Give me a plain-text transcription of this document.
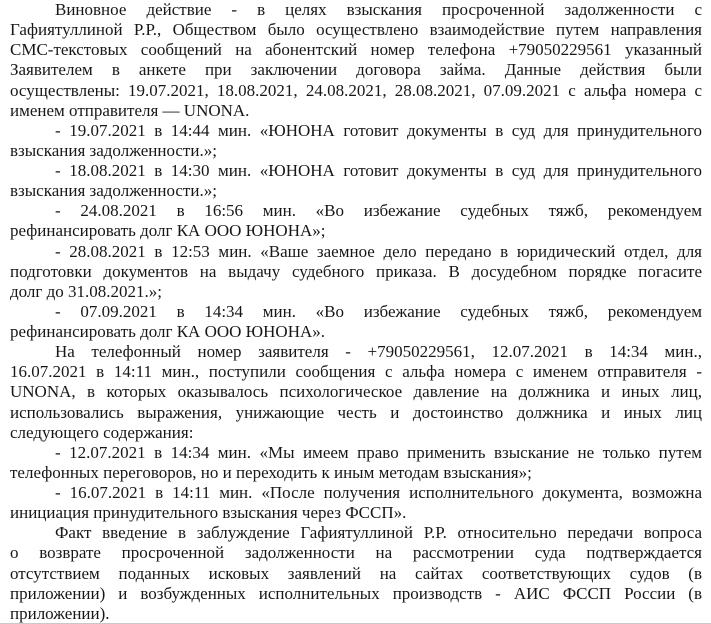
Виновное действие - в целях взыскания просроченной задолженности с
Гафиятуллиной Р.Р., Обществом было осуществлено взаимодействие путем направления
СМС-текстовых сообщений на абонентский номер телефона +79050229561 указанный
Заявителем в анкете при заключении договора займа. Данные действия были
осуществлены: 19.07.2021, 18.08.2021, 24.08.2021, 28.08.2021, 07.09.2021 с альфа номера с
именем отправителя — UNONA.
- 19.07.2021 в 14:44 мин. «ЮНОНА готовит документы в суд для принудительного
взыскания задолженности.»;
- 18.08.2021 в 14:30 мин. «ЮНОНА готовит документы в суд для принудительного
взыскания задолженности.»;
- 24.08.2021 в 16:56 мин. «Во избежание судебных тяжб, рекомендуем
рефинансировать долг КА ООО ЮНОНА»;
- 28.08.2021 в 12:53 мин. «Ваше заемное дело передано в юридический отдел, для
подготовки документов на выдачу судебного приказа. В досудебном порядке погасите
долг до 31.08.2021.»;
- 07.09.2021 в 14:34 мин. «Во избежание судебных тяжб, рекомендуем
рефинансировать долг КА ООО ЮНОНА».
На телефонный номер заявителя - +79050229561, 12.07.2021 в 14:34 мин.,
16.07.2021 в 14:11 мин., поступили сообщения с альфа номера с именем отправителя -
UNONA, в которых оказывалось психологическое давление на должника и иных лиц,
использовались выражения, унижающие честь и достоинство должника и иных лиц
следующего содержания:
- 12.07.2021 в 14:34 мин. «Мы имеем право применить взыскание не только путем
телефонных переговоров, но и переходить к иным методам взыскания»;
- 16.07.2021 в 14:11 мин. «После получения исполнительного документа, возможна
инициация принудительного взыскания через ФССП».
Факт введение в заблуждение Гафиятуллиной Р.Р. относительно передачи вопроса
о возврате просроченной задолженности на рассмотрении суда подтверждается
отсутствием поданных исковых заявлений на сайтах соответствующих судов (в
приложении) и возбужденных исполнительных производств - АИС ФССП России (в
приложении).
